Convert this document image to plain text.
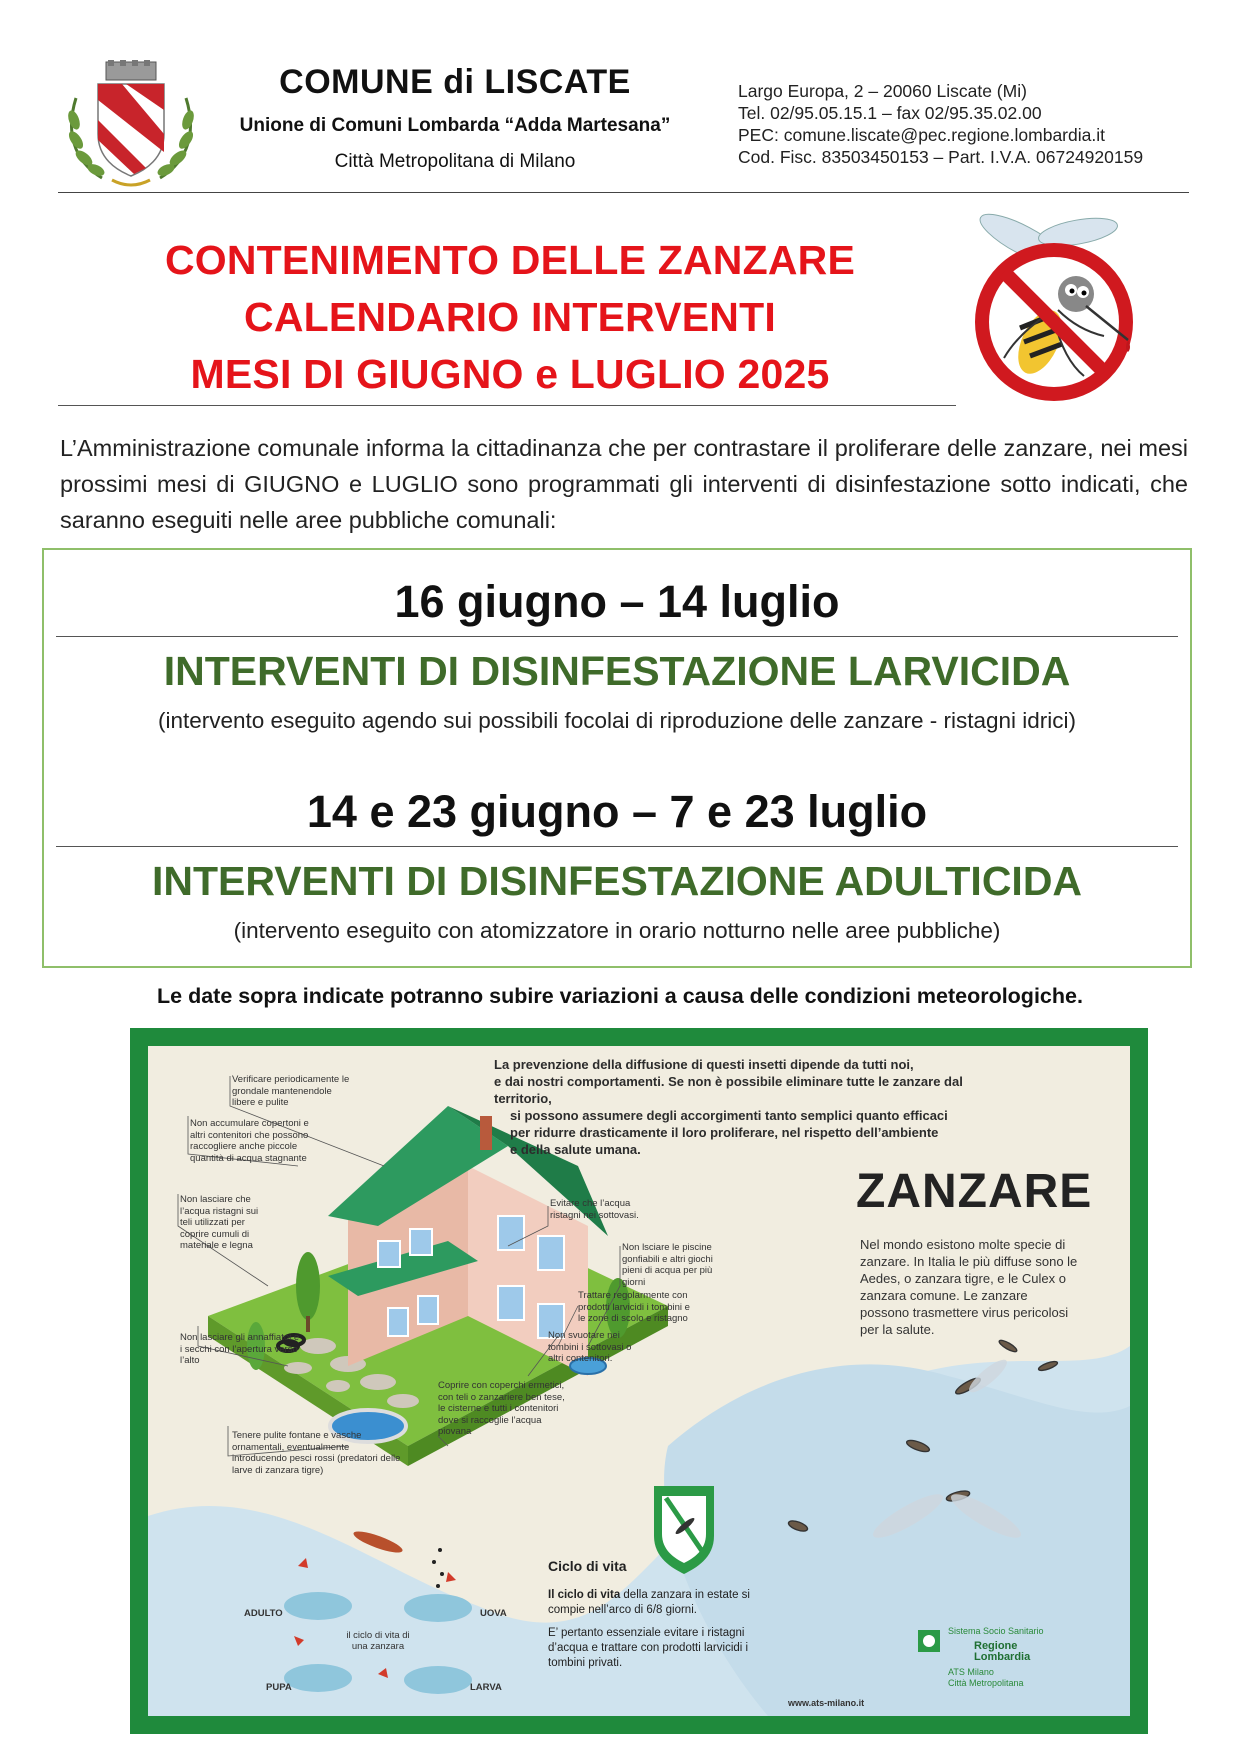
COMUNE di LISCATE
Unione di Comuni Lombarda “Adda Martesana”
Città Metropolitana di Milano
Largo Europa, 2 – 20060 Liscate (Mi)
Tel. 02/95.05.15.1 – fax 02/95.35.02.00
PEC: comune.liscate@pec.regione.lombardia.it
Cod. Fisc. 83503450153 – Part. I.V.A. 06724920159
CONTENIMENTO DELLE ZANZARE
CALENDARIO INTERVENTI
MESI DI GIUGNO e LUGLIO 2025
L’Amministrazione comunale informa la cittadinanza che per contrastare il proliferare delle zanzare, nei mesi prossimi mesi di GIUGNO e LUGLIO sono programmati gli interventi di disinfestazione sotto indicati, che saranno eseguiti nelle aree pubbliche comunali:
16 giugno – 14 luglio
INTERVENTI DI DISINFESTAZIONE LARVICIDA
(intervento eseguito agendo sui possibili focolai di riproduzione delle zanzare - ristagni idrici)
14 e 23 giugno – 7 e 23 luglio
INTERVENTI DI DISINFESTAZIONE ADULTICIDA
(intervento eseguito con atomizzatore in orario notturno nelle aree pubbliche)
Le date sopra indicate potranno subire variazioni a causa delle condizioni meteorologiche.
La prevenzione della diffusione di questi insetti dipende da tutti noi,
e dai nostri comportamenti. Se non è possibile eliminare tutte le zanzare dal territorio,
si possono assumere degli accorgimenti tanto semplici quanto efficaci
per ridurre drasticamente il loro proliferare, nel rispetto dell’ambiente
e della salute umana.
ZANZARE
Nel mondo esistono molte specie di zanzare. In Italia le più diffuse sono le Aedes, o zanzara tigre, e le Culex o zanzara comune. Le zanzare possono trasmettere virus pericolosi per la salute.
Verificare periodicamente le grondale mantenendole libere e pulite
Non accumulare copertoni e altri contenitori che possono raccogliere anche piccole quantità di acqua stagnante
Non lasciare che l’acqua ristagni sui teli utilizzati per coprire cumuli di materiale e legna
Evitare che l’acqua ristagni nei sottovasi.
Non lsciare le piscine gonfiabili e altri giochi pieni di acqua per più giorni
Trattare regolarmente con prodotti larvicidi i tombini e le zone di scolo e ristagno
Non lasciare gli annaffiatoi e i secchi con l’apertura verso l’alto
Non svuotare nei tombini i sottovasi o altri contenitori.
Coprire con coperchi ermetici, con teli o zanzariere ben tese, le cisterne e tutti i contenitori dove si raccoglie l’acqua piovana
Tenere pulite fontane e vasche ornamentali, eventualmente introducendo pesci rossi (predatori delle larve di zanzara tigre)
Ciclo di vita
Il ciclo di vita della zanzara in estate si compie nell’arco di 6/8 giorni.
E’ pertanto essenziale evitare i ristagni d’acqua e trattare con prodotti larvicidi i tombini privati.
ADULTO	UOVA
PUPA	LARVA
il ciclo di vita di una zanzara
Sistema Socio Sanitario
Regione
Lombardia
ATS Milano
Città Metropolitana
www.ats-milano.it
